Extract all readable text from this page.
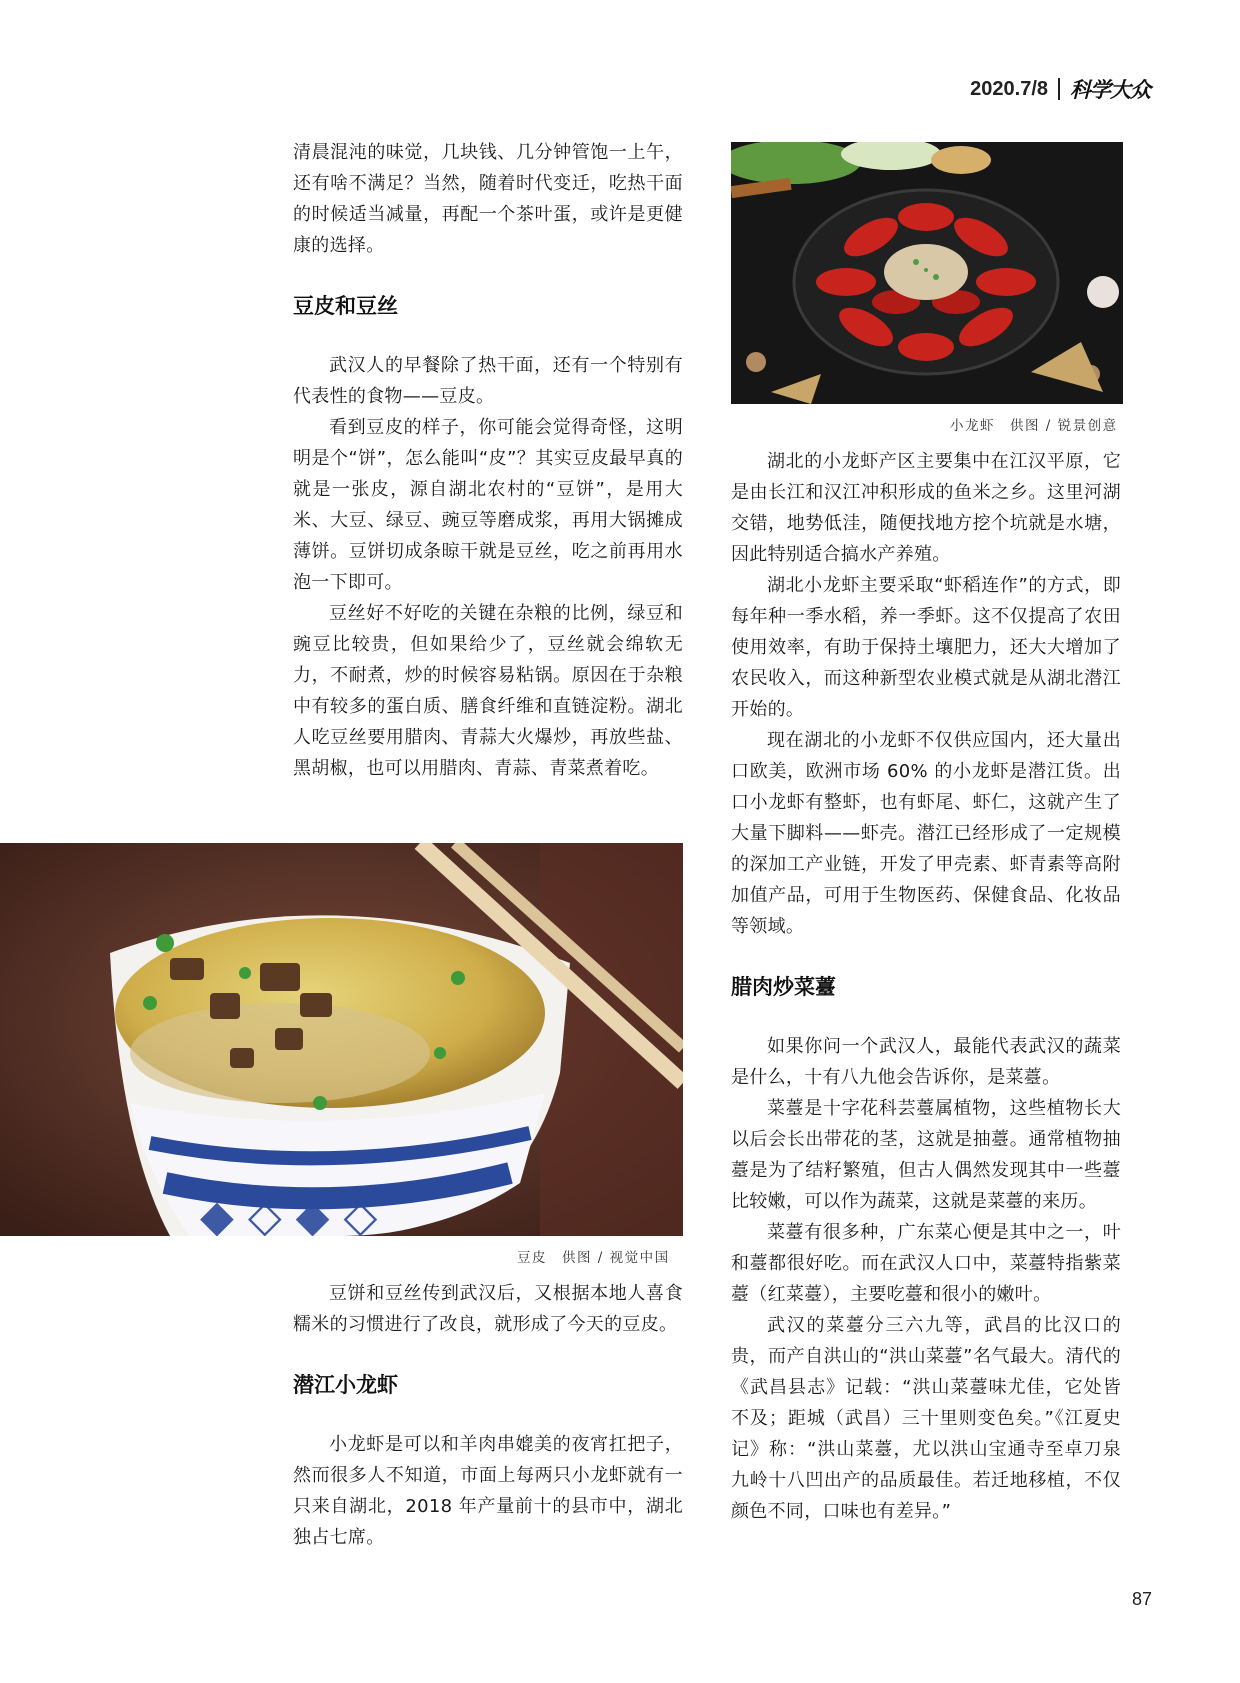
2020.7/8 科学大众

清晨混沌的味觉，几块钱、几分钟管饱一上午，还有啥不满足？当然，随着时代变迁，吃热干面的时候适当减量，再配一个茶叶蛋，或许是更健康的选择。

豆皮和豆丝

武汉人的早餐除了热干面，还有一个特别有代表性的食物——豆皮。

看到豆皮的样子，你可能会觉得奇怪，这明明是个“饼”，怎么能叫“皮”？其实豆皮最早真的就是一张皮，源自湖北农村的“豆饼”，是用大米、大豆、绿豆、豌豆等磨成浆，再用大锅摊成薄饼。豆饼切成条晾干就是豆丝，吃之前再用水泡一下即可。

豆丝好不好吃的关键在杂粮的比例，绿豆和豌豆比较贵，但如果给少了，豆丝就会绵软无力，不耐煮，炒的时候容易粘锅。原因在于杂粮中有较多的蛋白质、膳食纤维和直链淀粉。湖北人吃豆丝要用腊肉、青蒜大火爆炒，再放些盐、黑胡椒，也可以用腊肉、青蒜、青菜煮着吃。

◆ ◇ ◆ ◇
豆皮　供图 / 视觉中国

豆饼和豆丝传到武汉后，又根据本地人喜食糯米的习惯进行了改良，就形成了今天的豆皮。

潜江小龙虾

小龙虾是可以和羊肉串媲美的夜宵扛把子，然而很多人不知道，市面上每两只小龙虾就有一只来自湖北，2018 年产量前十的县市中，湖北独占七席。

小龙虾　供图 / 锐景创意

湖北的小龙虾产区主要集中在江汉平原，它是由长江和汉江冲积形成的鱼米之乡。这里河湖交错，地势低洼，随便找地方挖个坑就是水塘，因此特别适合搞水产养殖。

湖北小龙虾主要采取“虾稻连作”的方式，即每年种一季水稻，养一季虾。这不仅提高了农田使用效率，有助于保持土壤肥力，还大大增加了农民收入，而这种新型农业模式就是从湖北潜江开始的。

现在湖北的小龙虾不仅供应国内，还大量出口欧美，欧洲市场 60% 的小龙虾是潜江货。出口小龙虾有整虾，也有虾尾、虾仁，这就产生了大量下脚料——虾壳。潜江已经形成了一定规模的深加工产业链，开发了甲壳素、虾青素等高附加值产品，可用于生物医药、保健食品、化妆品等领域。

腊肉炒菜薹

如果你问一个武汉人，最能代表武汉的蔬菜是什么，十有八九他会告诉你，是菜薹。

菜薹是十字花科芸薹属植物，这些植物长大以后会长出带花的茎，这就是抽薹。通常植物抽薹是为了结籽繁殖，但古人偶然发现其中一些薹比较嫩，可以作为蔬菜，这就是菜薹的来历。

菜薹有很多种，广东菜心便是其中之一，叶和薹都很好吃。而在武汉人口中，菜薹特指紫菜薹（红菜薹），主要吃薹和很小的嫩叶。

武汉的菜薹分三六九等，武昌的比汉口的贵，而产自洪山的“洪山菜薹”名气最大。清代的《武昌县志》记载：“洪山菜薹味尤佳，它处皆不及；距城（武昌）三十里则变色矣。”《江夏史记》称：“洪山菜薹，尤以洪山宝通寺至卓刀泉九岭十八凹出产的品质最佳。若迁地移植，不仅颜色不同，口味也有差异。”

87
